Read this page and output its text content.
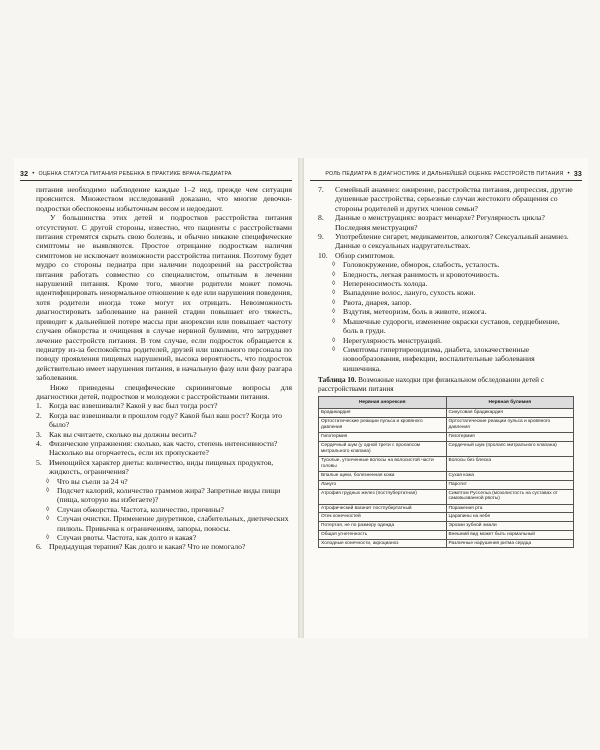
32 • ОЦЕНКА СТАТУСА ПИТАНИЯ РЕБЕНКА В ПРАКТИКЕ ВРАЧА-ПЕДИАТРА

питания необходимо наблюдение каждые 1–2 нед, прежде чем ситуация прояснится. Множеством исследований доказано, что многие девочки-подростки обеспокоены избыточным весом и недоедают.

У большинства этих детей и подростков расстройства питания отсутствуют. С другой стороны, известно, что пациенты с расстройствами питания стремятся скрыть свою болезнь, и обычно никакие специфические симптомы не выявляются. Простое отрицание подросткам наличия симптомов не исключает возможности расстройства питания. Поэтому будет мудро со стороны педиатра при наличии подозрений на расстройства питания работать совместно со специалистом, опытным в лечении нарушений питания. Кроме того, многие родители может помочь идентифицировать ненормальное отношение к еде или нарушения поведения, хотя родители иногда тоже могут их отрицать. Невозможность диагностировать заболевание на ранней стадии повышает его тяжесть, приводит к дальнейшей потере массы при анорексии или повышает частоту случаев обжорства и очищения в случае нервной булимии, что затрудняет лечение расстройств питания. В том случае, если подросток обращается к педиатру из-за беспокойства родителей, друзей или школьного персонала по поводу проявления пищевых нарушений, высока вероятность, что подросток действительно имеет нарушения питания, в начальную фазу или фазу разгара заболевания.

Ниже приведены специфические скрининговые вопросы для диагностики детей, подростков и молодежи с расстройствами питания.

1. Когда вас взвешивали? Какой у вас был тогда рост?
2. Когда вас взвешивали в прошлом году? Какой был ваш рост? Когда это было?
3. Как вы считаете, сколько вы должны весить?
4. Физические упражнения: сколько, как часто, степень интенсивности? Насколько вы огорчаетесь, если их пропускаете?
5. Имеющийся характер диеты: количество, виды пищевых продуктов, жидкость, ограничения?
◊	Что вы съели за 24 ч?
◊	Подсчет калорий, количество граммов жира? Запретные виды пищи (пища, которую вы избегаете)?
◊	Случаи обжорства. Частота, количество, причины?
◊	Случаи очистки. Применение диуретиков, слабительных, диетических пилюль. Привычка к ограничениям, запоры, поносы.
◊	Случаи рвоты. Частота, как долго и какая?
6. Предыдущая терапия? Как долго и какая? Что не помогало?
РОЛЬ ПЕДИАТРА В ДИАГНОСТИКЕ И ДАЛЬНЕЙШЕЙ ОЦЕНКЕ РАССТРОЙСТВ ПИТАНИЯ • 33
7.	Семейный анамнез: ожирение, расстройства питания, депрессия, другие душевные расстройства, серьезные случаи жестокого обращения со стороны родителей и других членов семьи?
8.	Данные о менструациях: возраст менархе? Регулярность цикла? Последняя менструация?
9.	Употребление сигарет, медикаментов, алкоголя? Сексуальный анамнез. Данные о сексуальных надругательствах.
10. Обзор симптомов.
◊	Головокружение, обморок, слабость, усталость.
◊	Бледность, легкая ранимость и кровоточивость.
◊	Непереносимость холода.
◊	Выпадение волос, лануго, сухость кожи.
◊	Рвота, диарея, запор.
◊	Вздутия, метеоризм, боль в животе, изжога.
◊	Мышечные судороги, изменение окраски суставов, сердцебиение, боль в груди.
◊	Нерегулярность менструаций.
◊	Симптомы гипертиреоидизма, диабета, злокачественные новообразования, инфекции, воспалительные заболевания кишечника.
Таблица 10. Возможные находки при физикальном обследовании детей с расстройствами питания
Нервная анорексия	Нервная булимия
Брадикардия	Синусовая брадикардия
Ортостатические реакции пульса и кровяного давления	Ортостатические реакции пульса и кровяного давления
Гипотермия	Гипотермия
Сердечный шум (у одной трети с пролапсом митрального клапана)	Сердечный шум (пролапс митрального клапана)
Тусклые, утонченные волосы на волосистой части головы	Волосы без блеска
Впалые щеки, болезненная кожа	Сухая кожа
Лануго	Паротит
Атрофия грудных желез (постпубертатная)	Симптом Руссельа (мозолистость на суставах от самовызванной рвоты)
Атрофический вагинит постпубертатный	Поражения рта
Отек конечностей	Царапины на небе
Потертая, не по размеру одежда	Эрозии зубной эмали
Общая угнетенность	Внешний вид может быть нормальный
Холодные конечности, акроцианоз	Различные нарушения ритма сердца
